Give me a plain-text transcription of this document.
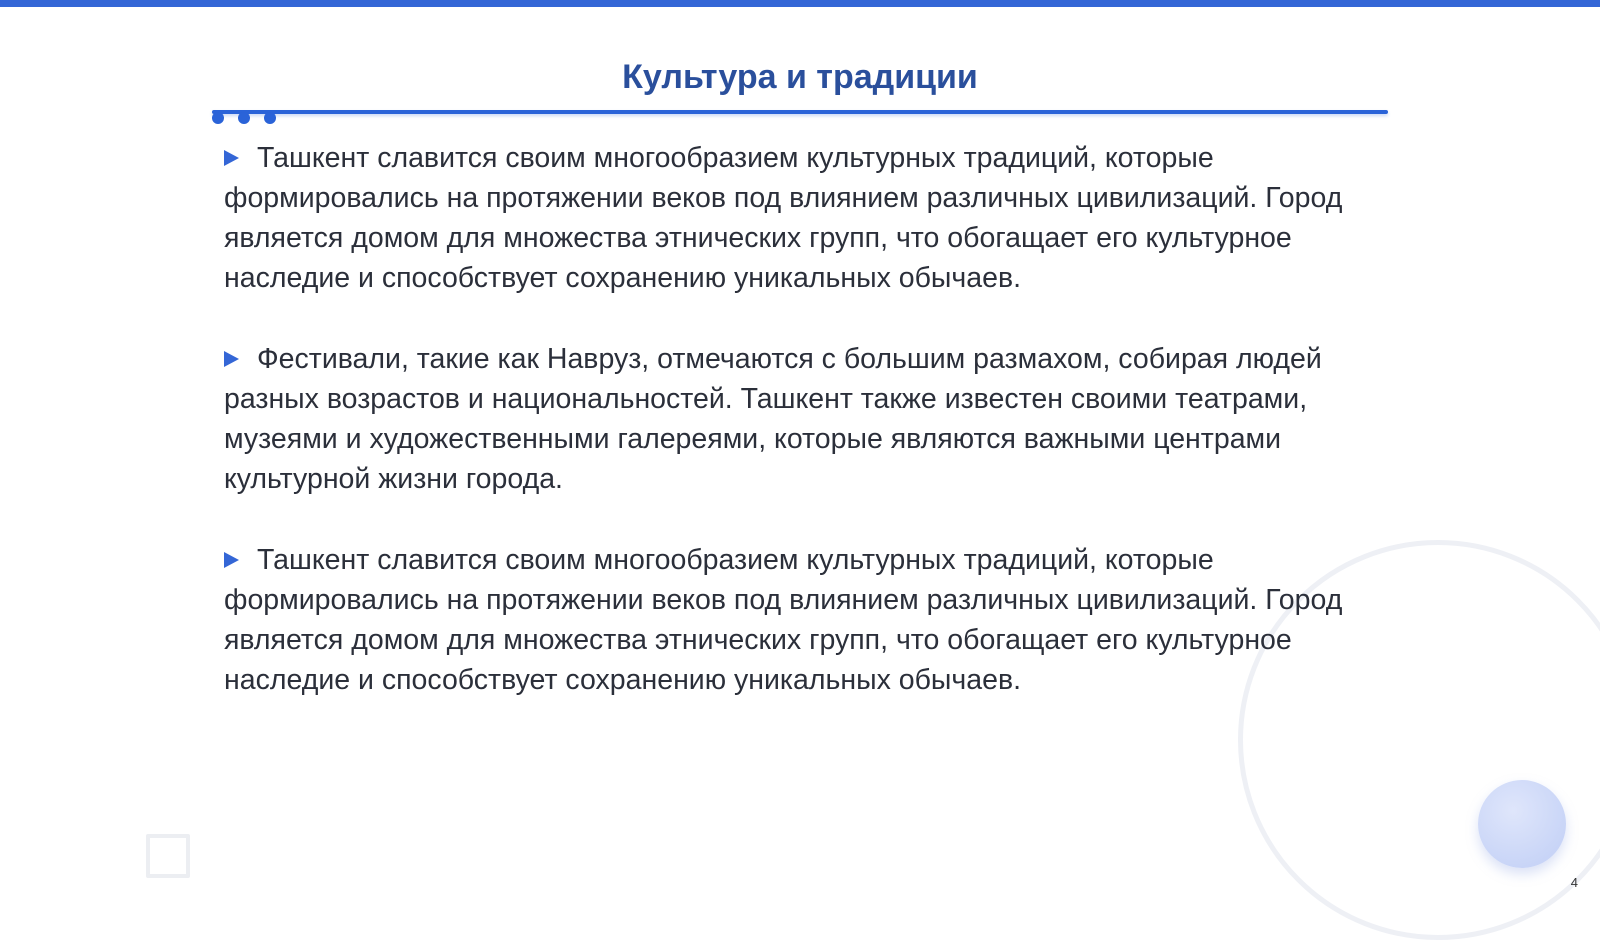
Культура и традиции

Ташкент славится своим многообразием культурных традиций, которые формировались на протяжении веков под влиянием различных цивилизаций. Город является домом для множества этнических групп, что обогащает его культурное наследие и способствует сохранению уникальных обычаев.

Фестивали, такие как Навруз, отмечаются с большим размахом, собирая людей разных возрастов и национальностей. Ташкент также известен своими театрами, музеями и художественными галереями, которые являются важными центрами культурной жизни города.

Ташкент славится своим многообразием культурных традиций, которые формировались на протяжении веков под влиянием различных цивилизаций. Город является домом для множества этнических групп, что обогащает его культурное наследие и способствует сохранению уникальных обычаев.

4
